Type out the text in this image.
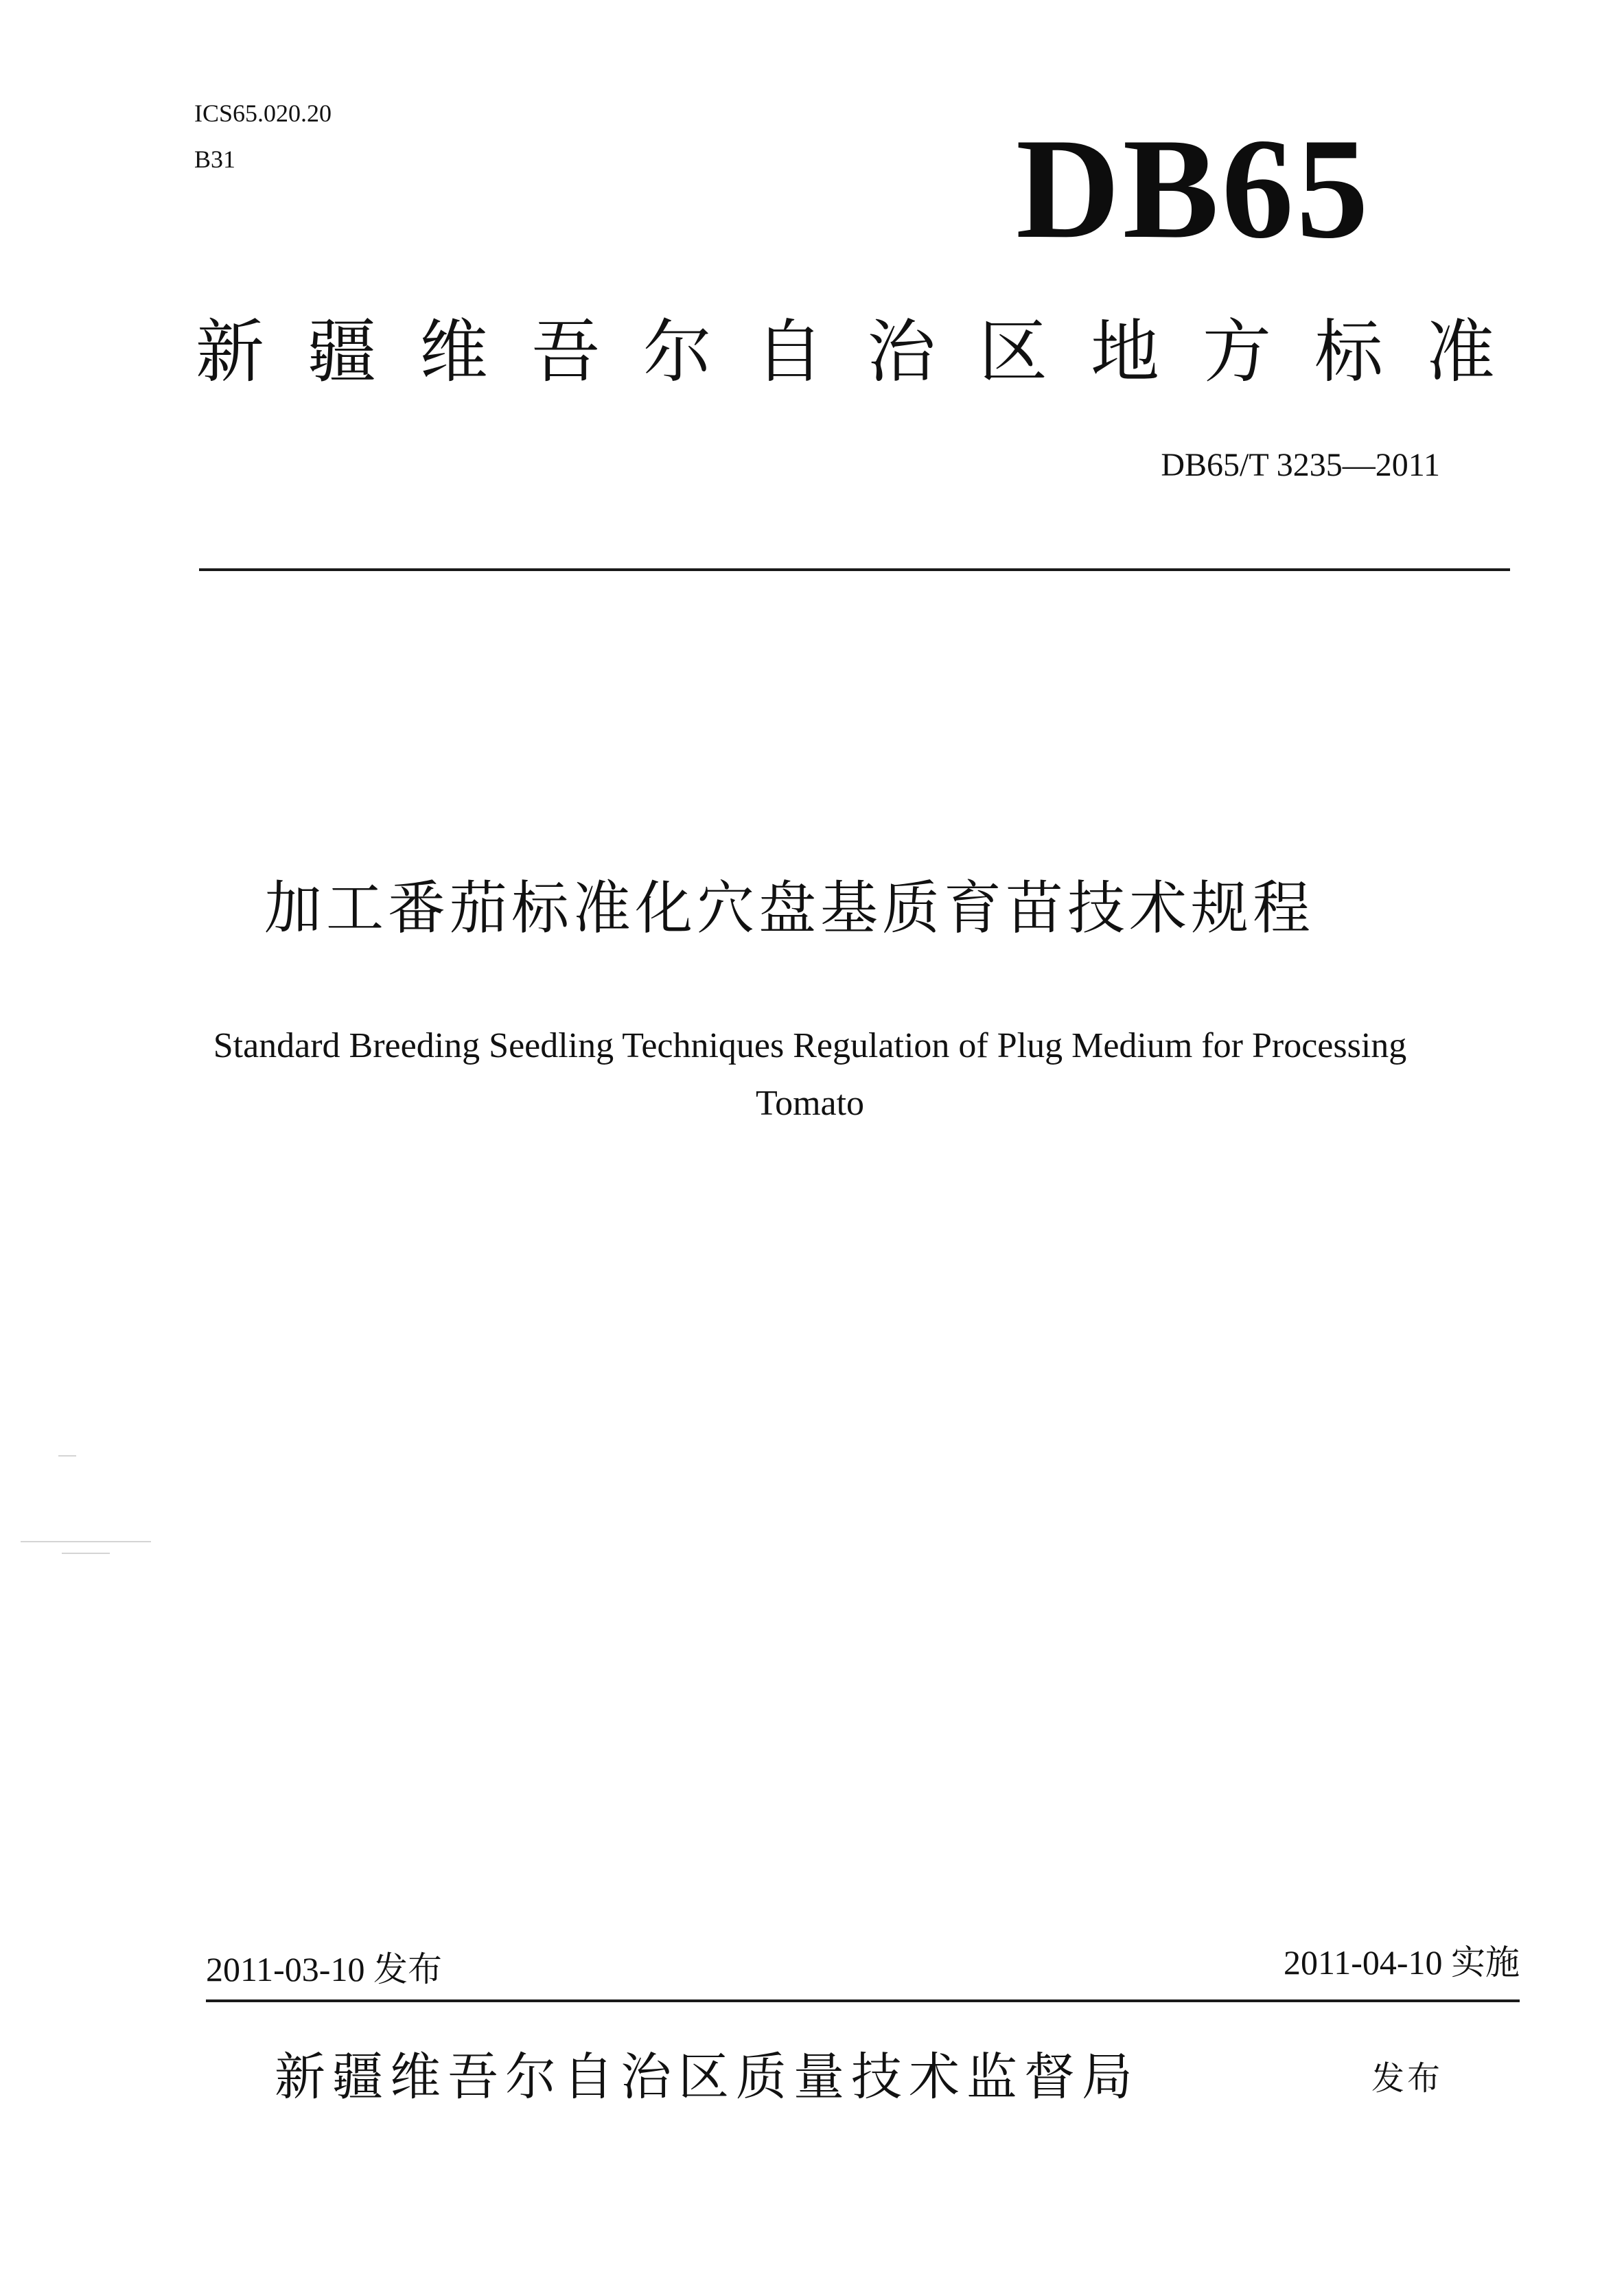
ICS65.020.20
B31	DB65
新疆维吾尔自治区地方标准
DB65/T 3235—2011
加工番茄标准化穴盘基质育苗技术规程
Standard Breeding Seedling Techniques Regulation of Plug Medium for Processing Tomato
2011-03-10 发布	2011-04-10 实施
新疆维吾尔自治区质量技术监督局	发布
